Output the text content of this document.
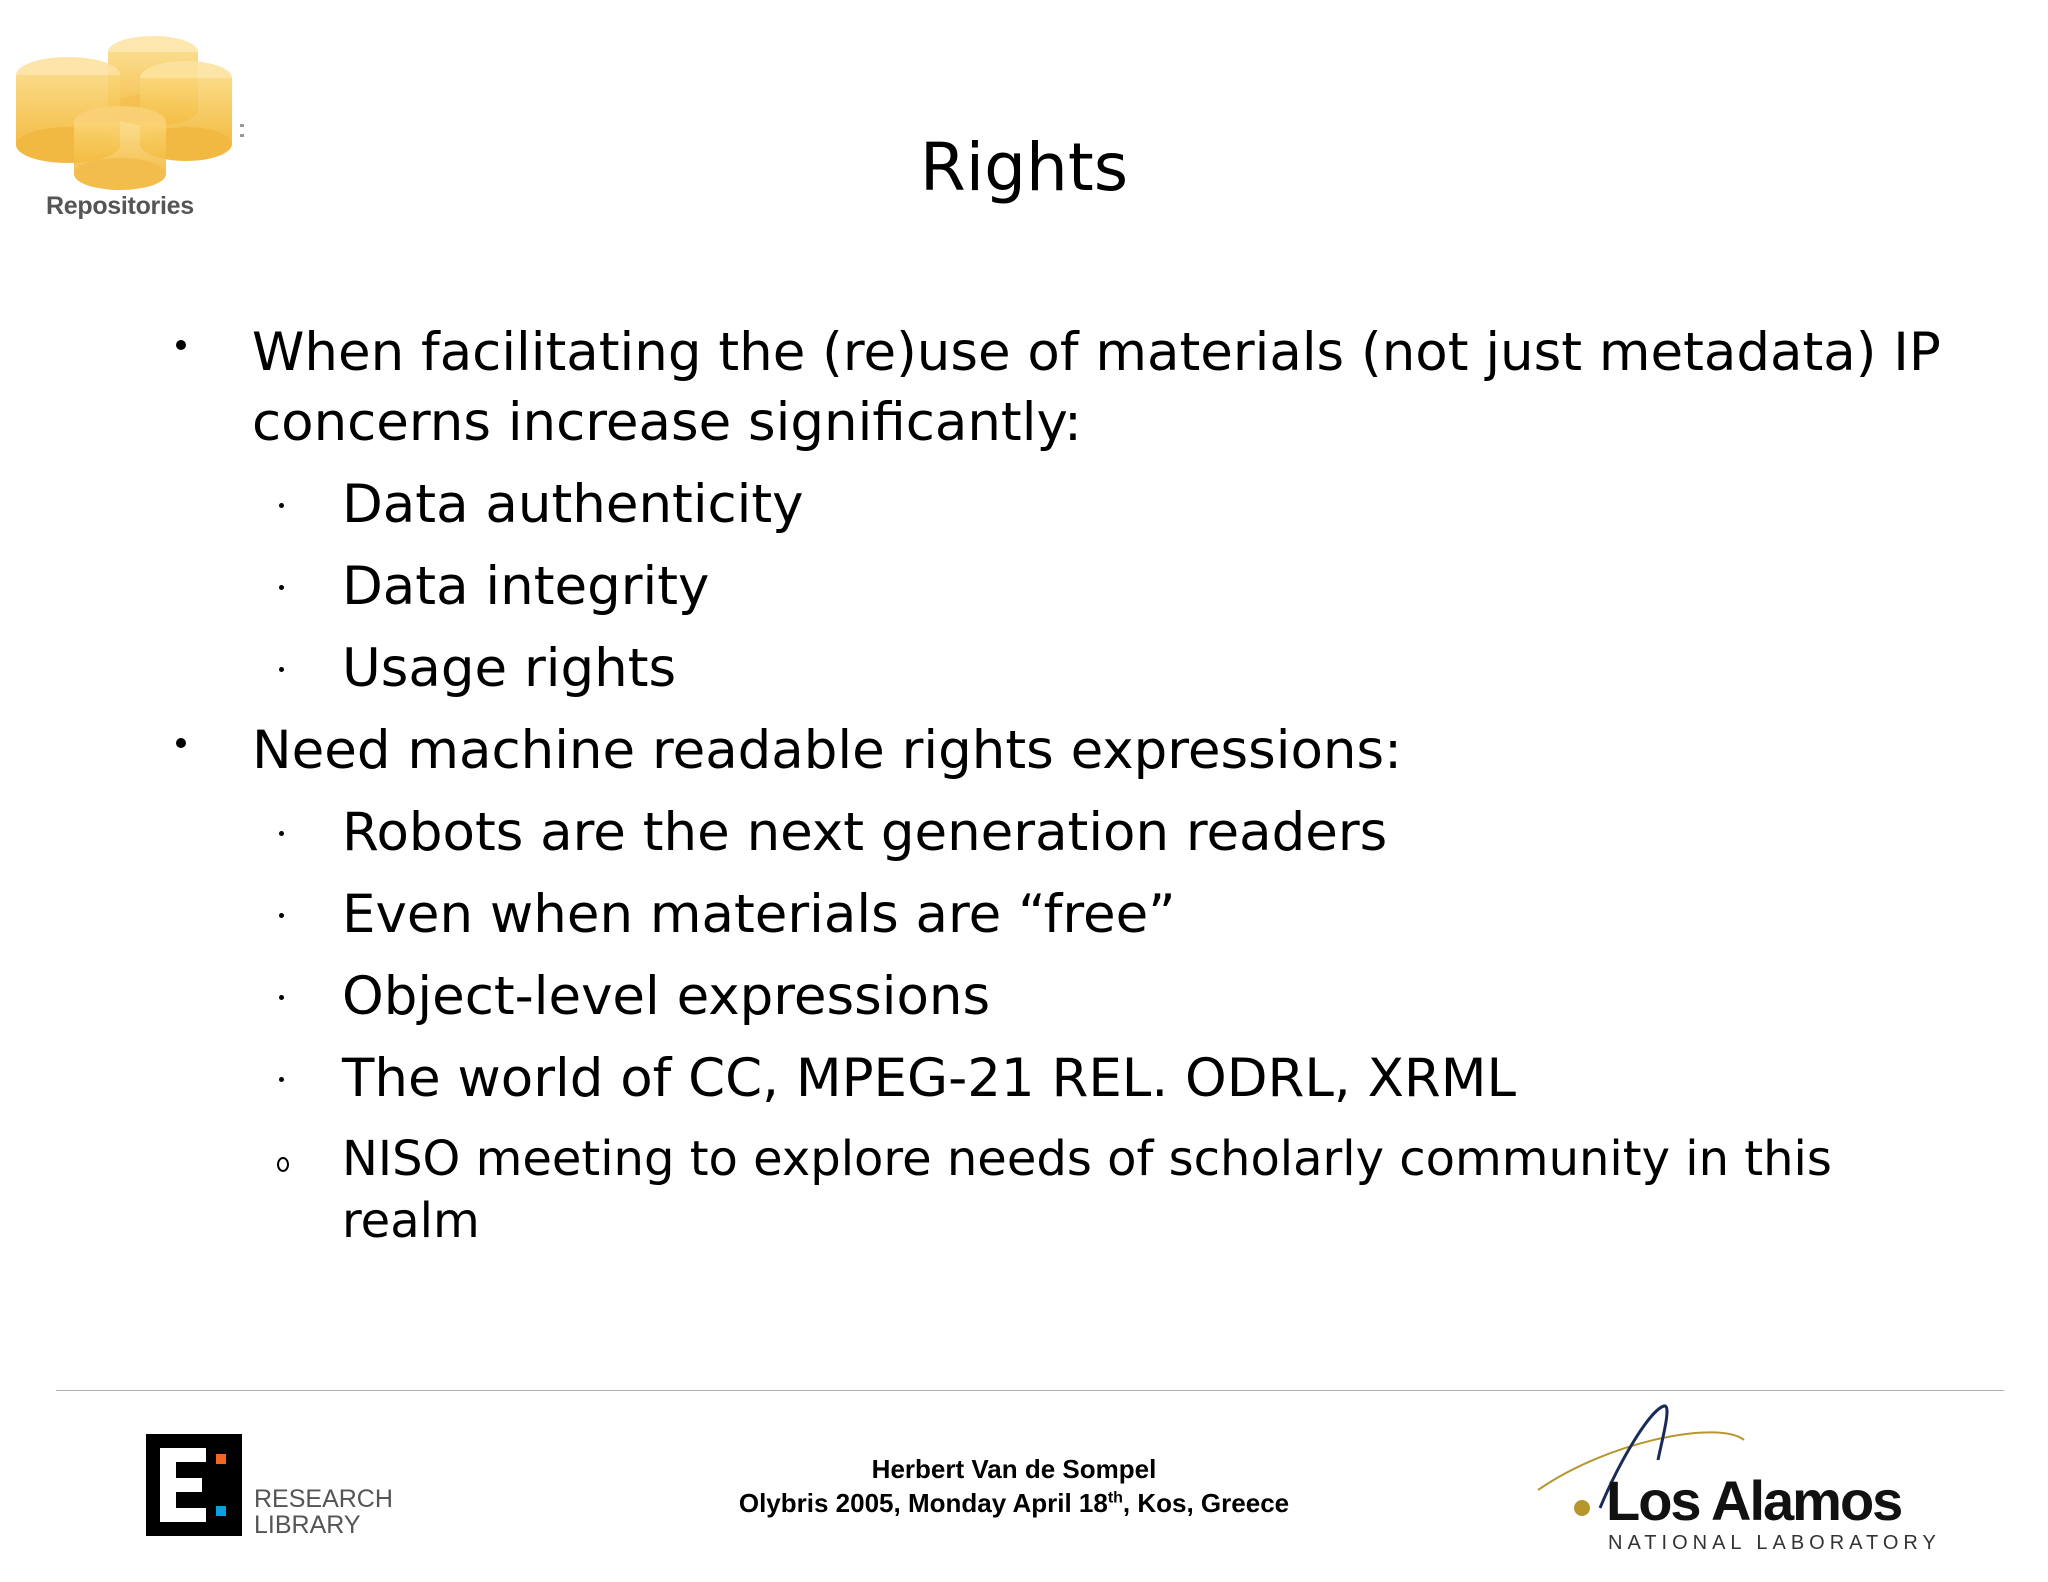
Repositories	Rights
When facilitating the (re)use of materials (not just metadata) IP concerns increase significantly:
Data authenticity
Data integrity
Usage rights
Need machine readable rights expressions:
Robots are the next generation readers
Even when materials are “free”
Object-level expressions
The world of CC, MPEG-21 REL. ODRL, XRML
NISO meeting to explore needs of scholarly community in this realm
RESEARCH
LIBRARY
Herbert Van de Sompel
Olybris 2005, Monday April 18th, Kos, Greece	Los Alamos
NATIONAL LABORATORY
